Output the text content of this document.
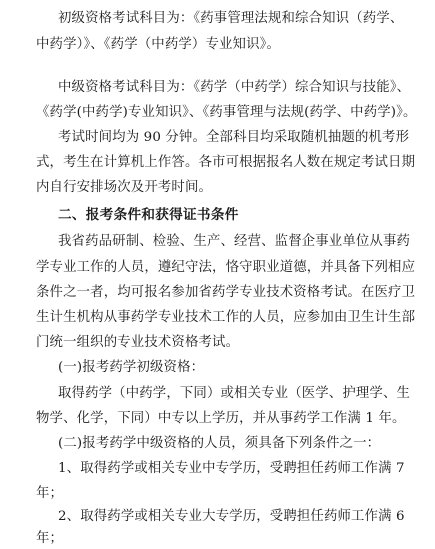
初级资格考试科目为：《药事管理法规和综合知识（药学、
中药学）》、《药学（中药学）专业知识》。
中级资格考试科目为：《药学（中药学）综合知识与技能》、
《药学(中药学)专业知识》、《药事管理与法规(药学、中药学)》。
考试时间均为 90 分钟。全部科目均采取随机抽题的机考形
式，考生在计算机上作答。各市可根据报名人数在规定考试日期
内自行安排场次及开考时间。
二、报考条件和获得证书条件
我省药品研制、检验、生产、经营、监督企事业单位从事药
学专业工作的人员，遵纪守法，恪守职业道德，并具备下列相应
条件之一者，均可报名参加省药学专业技术资格考试。在医疗卫
生计生机构从事药学专业技术工作的人员，应参加由卫生计生部
门统一组织的专业技术资格考试。
(一)报考药学初级资格：
取得药学（中药学，下同）或相关专业（医学、护理学、生
物学、化学，下同）中专以上学历，并从事药学工作满 1 年。
(二)报考药学中级资格的人员，须具备下列条件之一：
1、取得药学或相关专业中专学历，受聘担任药师工作满 7
年；
2、取得药学或相关专业大专学历，受聘担任药师工作满 6
年；
